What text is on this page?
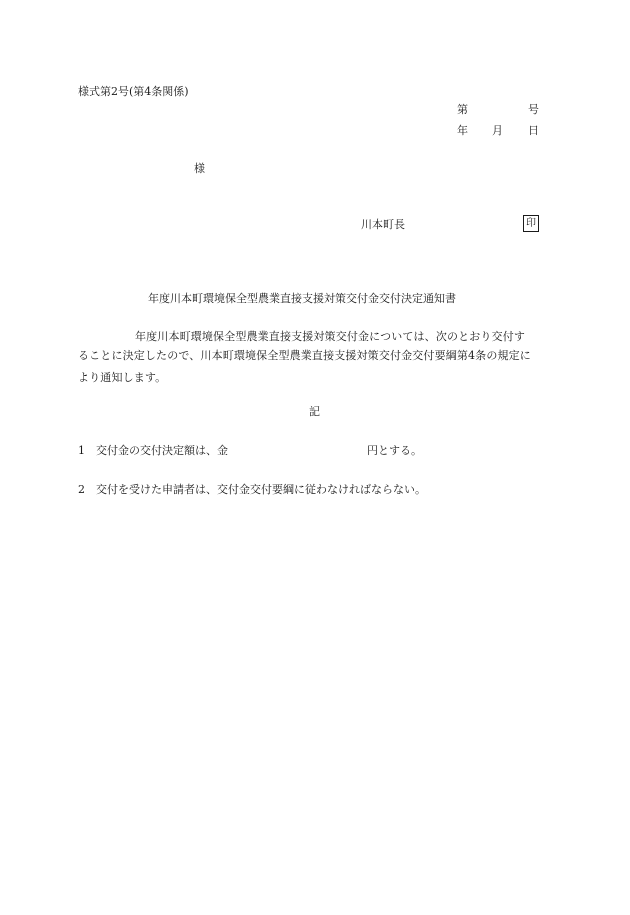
様式第2号(第4条関係)
第	号
年 月 日
様
川本町長	印
年度川本町環境保全型農業直接支援対策交付金交付決定通知書
年度川本町環境保全型農業直接支援対策交付金については、次のとおり交付す
ることに決定したので、川本町環境保全型農業直接支援対策交付金交付要綱第4条の規定に
より通知します。
記
1　交付金の交付決定額は、金	円とする。
2　交付を受けた申請者は、交付金交付要綱に従わなければならない。
